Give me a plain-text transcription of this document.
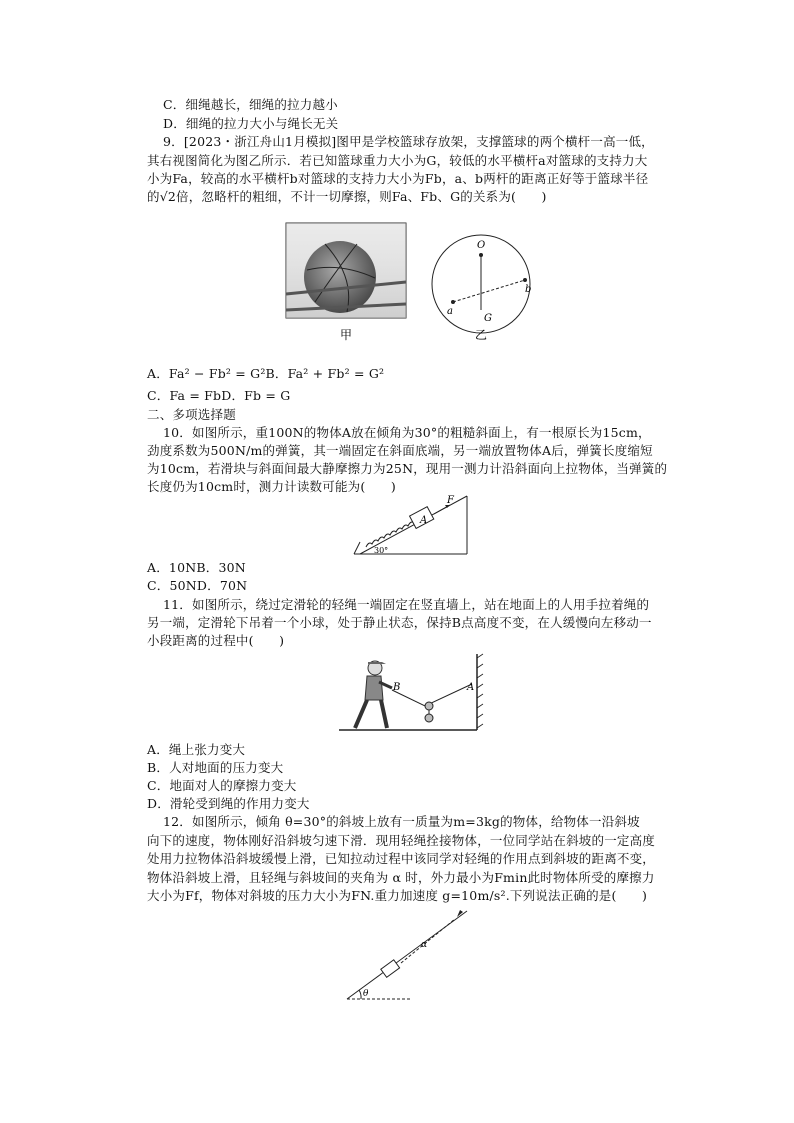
C．细绳越长，细绳的拉力越小
D．细绳的拉力大小与绳长无关
9．[2023・浙江舟山1月模拟]图甲是学校篮球存放架，支撑篮球的两个横杆一高一低，
其右视图简化为图乙所示．若已知篮球重力大小为G，较低的水平横杆a对篮球的支持力大
小为Fa，较高的水平横杆b对篮球的支持力大小为Fb，a、b两杆的距离正好等于篮球半径
的√2倍，忽略杆的粗细，不计一切摩擦，则Fa、Fb、G的关系为(　　)
甲
O
a
b
G
乙
A．Fa² − Fb² = G²B．Fa² + Fb² = G²
C．Fa = FbD．Fb = G
二、多项选择题
10．如图所示，重100N的物体A放在倾角为30°的粗糙斜面上，有一根原长为15cm，
劲度系数为500N/m的弹簧，其一端固定在斜面底端，另一端放置物体A后，弹簧长度缩短
为10cm，若滑块与斜面间最大静摩擦力为25N，现用一测力计沿斜面向上拉物体，当弹簧的
长度仍为10cm时，测力计读数可能为(　　)
A
F
30°
A．10NB．30N
C．50ND．70N
11．如图所示，绕过定滑轮的轻绳一端固定在竖直墙上，站在地面上的人用手拉着绳的
另一端，定滑轮下吊着一个小球，处于静止状态，保持B点高度不变，在人缓慢向左移动一
小段距离的过程中(　　)
B	A
A．绳上张力变大
B．人对地面的压力变大
C．地面对人的摩擦力变大
D．滑轮受到绳的作用力变大
12．如图所示，倾角 θ=30°的斜坡上放有一质量为m=3kg的物体，给物体一沿斜坡
向下的速度，物体刚好沿斜坡匀速下滑．现用轻绳拴接物体，一位同学站在斜坡的一定高度
处用力拉物体沿斜坡缓慢上滑，已知拉动过程中该同学对轻绳的作用点到斜坡的距离不变，
物体沿斜坡上滑，且轻绳与斜坡间的夹角为 α 时，外力最小为Fmin此时物体所受的摩擦力
大小为Ff，物体对斜坡的压力大小为FN.重力加速度 g=10m/s².下列说法正确的是(　　)
α
θ
